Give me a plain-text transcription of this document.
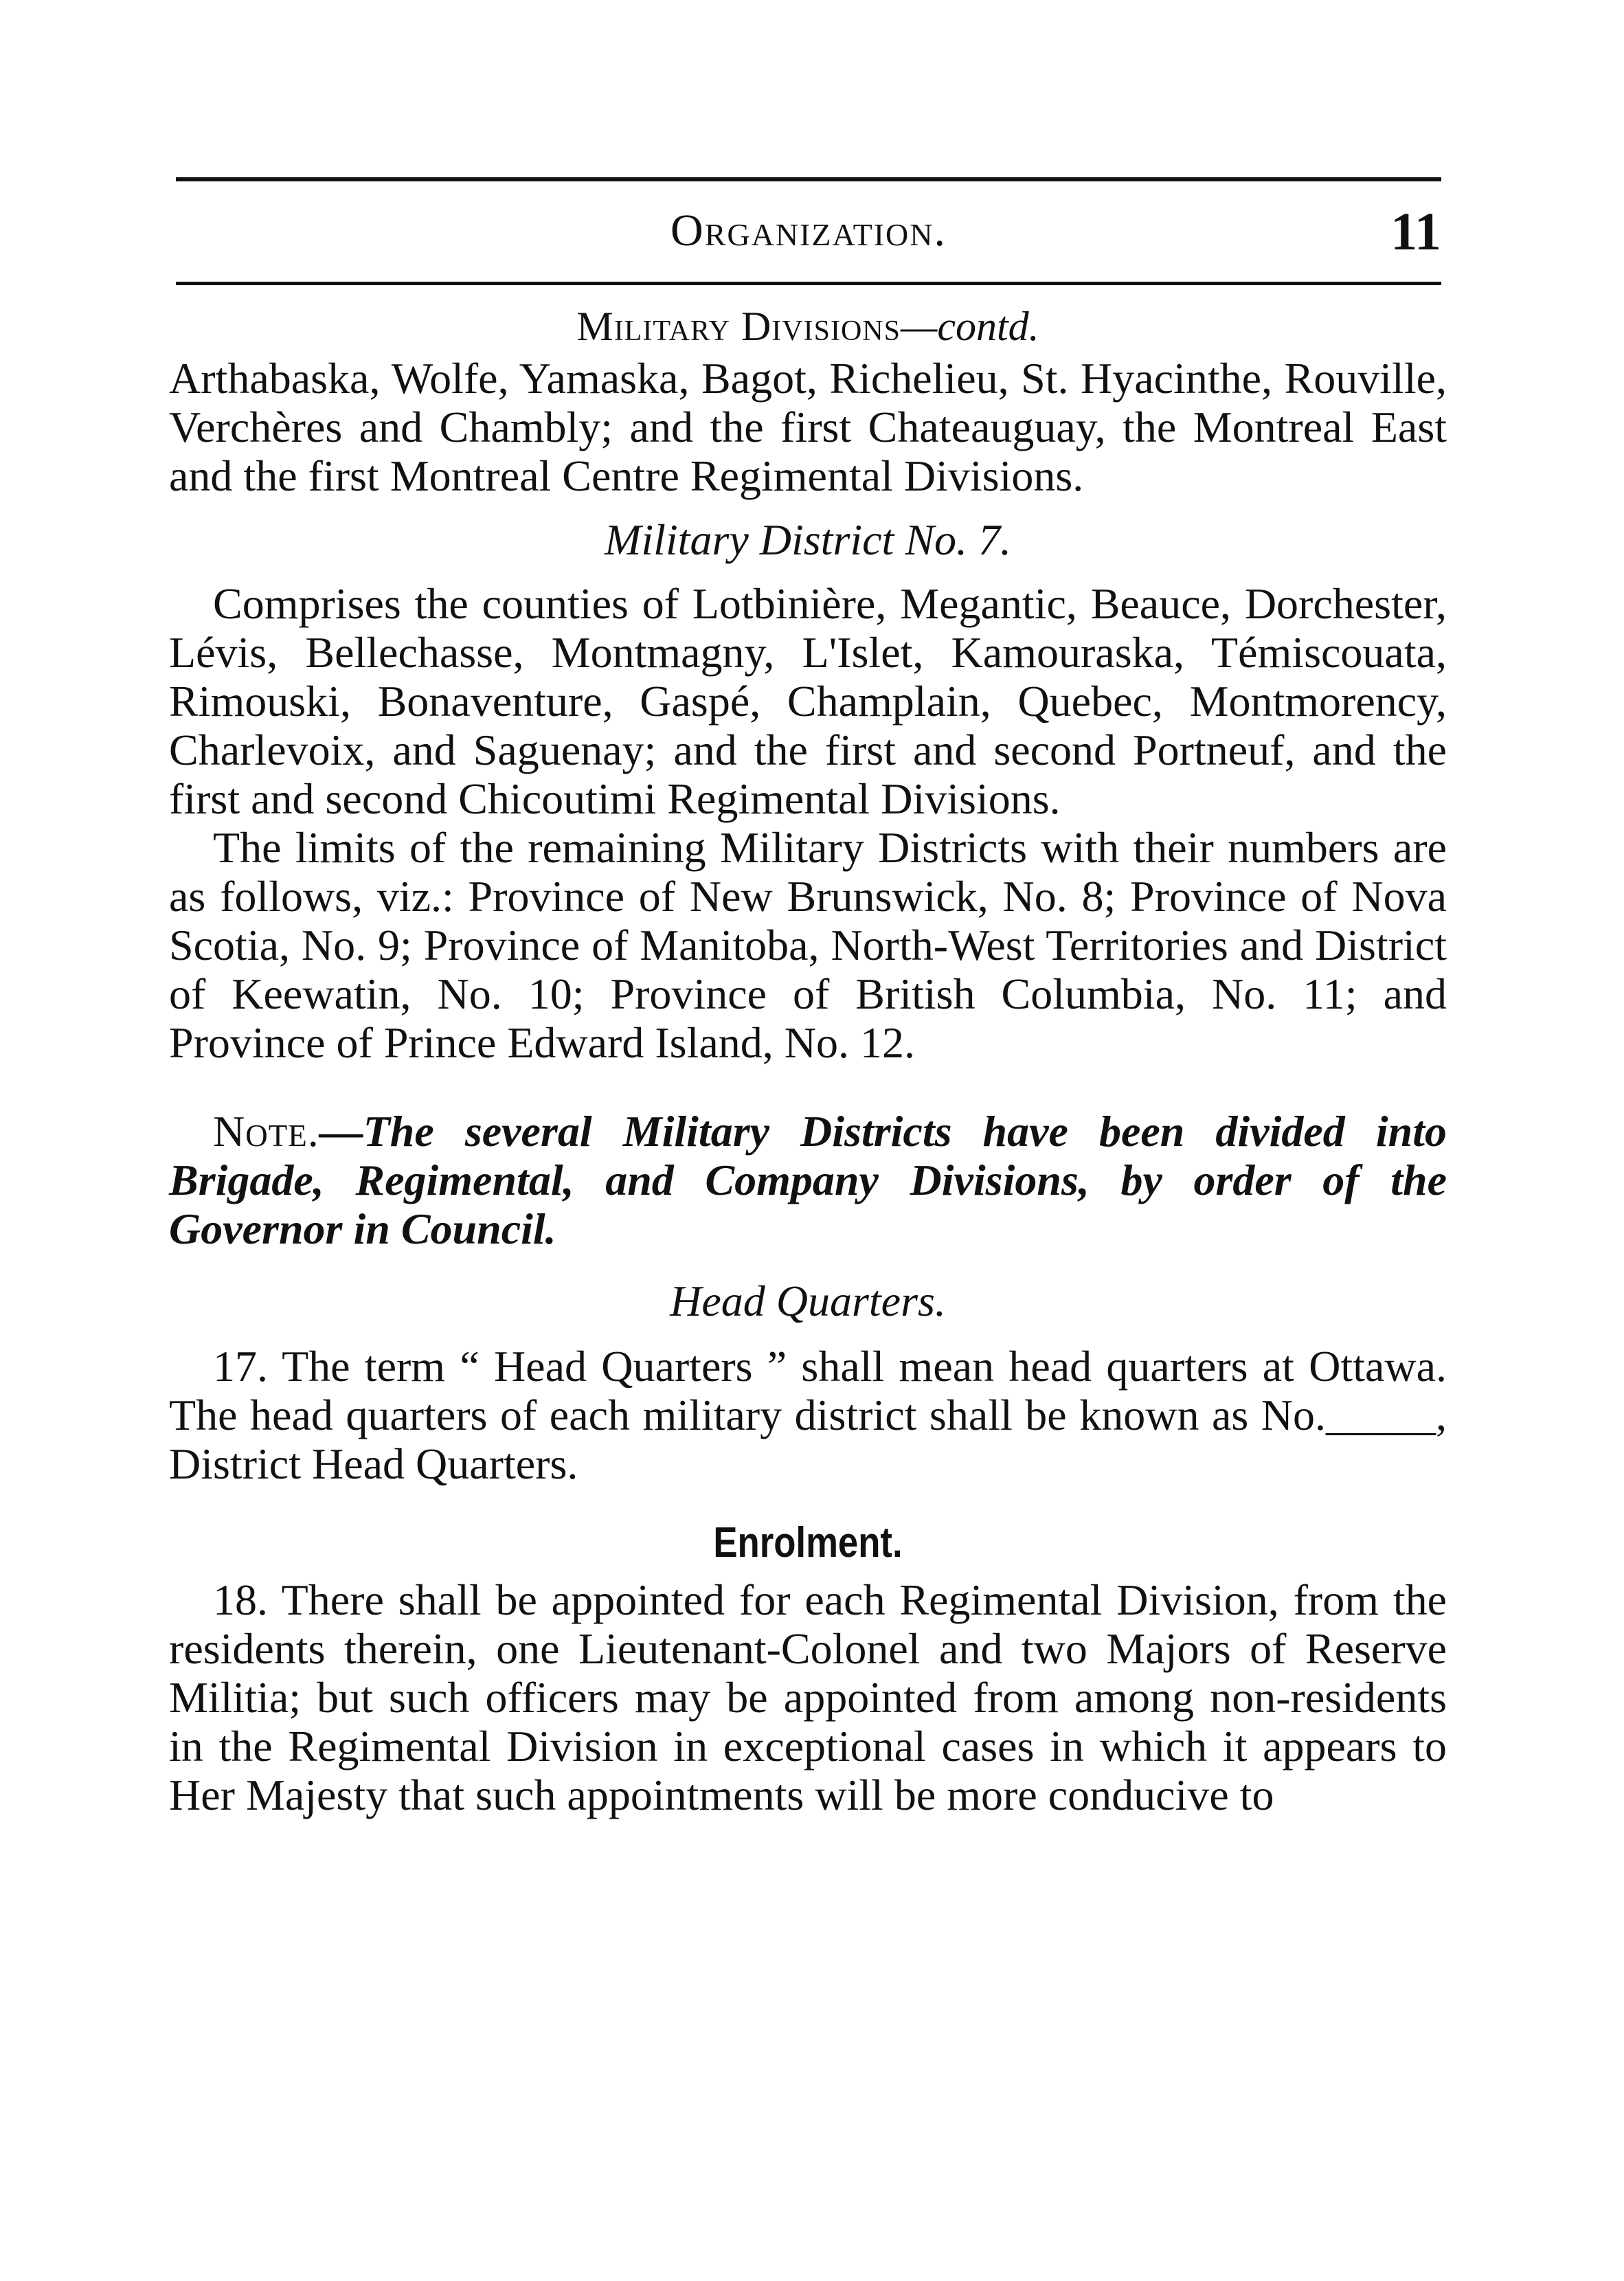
Organization.	11

Military Divisions—contd.

Arthabaska, Wolfe, Yamaska, Bagot, Richelieu, St. Hyacinthe, Rouville, Verchères and Chambly; and the first Chateauguay, the Montreal East and the first Montreal Centre Regimental Divisions.

Military District No. 7.

Comprises the counties of Lotbinière, Megantic, Beauce, Dorchester, Lévis, Bellechasse, Montmagny, L'Islet, Kamouraska, Témiscouata, Rimouski, Bonaventure, Gaspé, Champlain, Quebec, Montmorency, Charlevoix, and Saguenay; and the first and second Portneuf, and the first and second Chicoutimi Regimental Divisions.

The limits of the remaining Military Districts with their numbers are as follows, viz.: Province of New Brunswick, No. 8; Province of Nova Scotia, No. 9; Province of Manitoba, North-West Territories and District of Keewatin, No. 10; Province of British Columbia, No. 11; and Province of Prince Edward Island, No. 12.

Note.—The several Military Districts have been divided into Brigade, Regimental, and Company Divisions, by order of the Governor in Council.

Head Quarters.

17. The term “ Head Quarters ” shall mean head quarters at Ottawa. The head quarters of each military district shall be known as No._____, District Head Quarters.

Enrolment.

18. There shall be appointed for each Regimental Division, from the residents therein, one Lieutenant-Colonel and two Majors of Reserve Militia; but such officers may be appointed from among non-residents in the Regimental Division in exceptional cases in which it appears to Her Majesty that such appointments will be more conducive to
